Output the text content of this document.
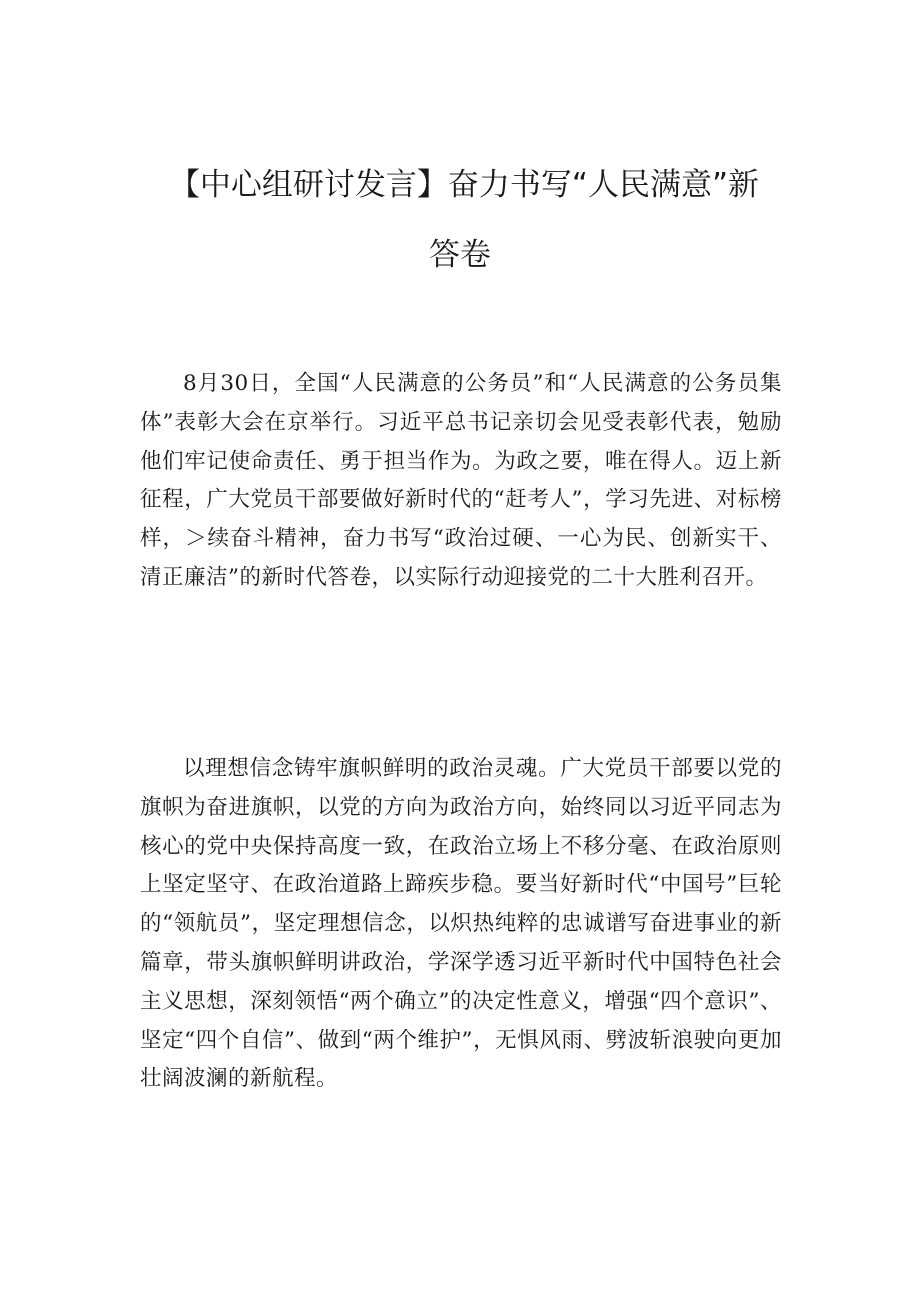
【中心组研讨发言】奋力书写“人民满意”新
答卷

8月30日，全国“人民满意的公务员”和“人民满意的公务员集体”表彰大会在京举行。习近平总书记亲切会见受表彰代表，勉励他们牢记使命责任、勇于担当作为。为政之要，唯在得人。迈上新征程，广大党员干部要做好新时代的“赶考人”，学习先进、对标榜样，＞续奋斗精神，奋力书写“政治过硬、一心为民、创新实干、清正廉洁”的新时代答卷，以实际行动迎接党的二十大胜利召开。

以理想信念铸牢旗帜鲜明的政治灵魂。广大党员干部要以党的旗帜为奋进旗帜，以党的方向为政治方向，始终同以习近平同志为核心的党中央保持高度一致，在政治立场上不移分毫、在政治原则上坚定坚守、在政治道路上蹄疾步稳。要当好新时代“中国号”巨轮的“领航员”，坚定理想信念，以炽热纯粹的忠诚谱写奋进事业的新篇章，带头旗帜鲜明讲政治，学深学透习近平新时代中国特色社会主义思想，深刻领悟“两个确立”的决定性意义，增强“四个意识”、坚定“四个自信”、做到“两个维护”，无惧风雨、劈波斩浪驶向更加壮阔波澜的新航程。
